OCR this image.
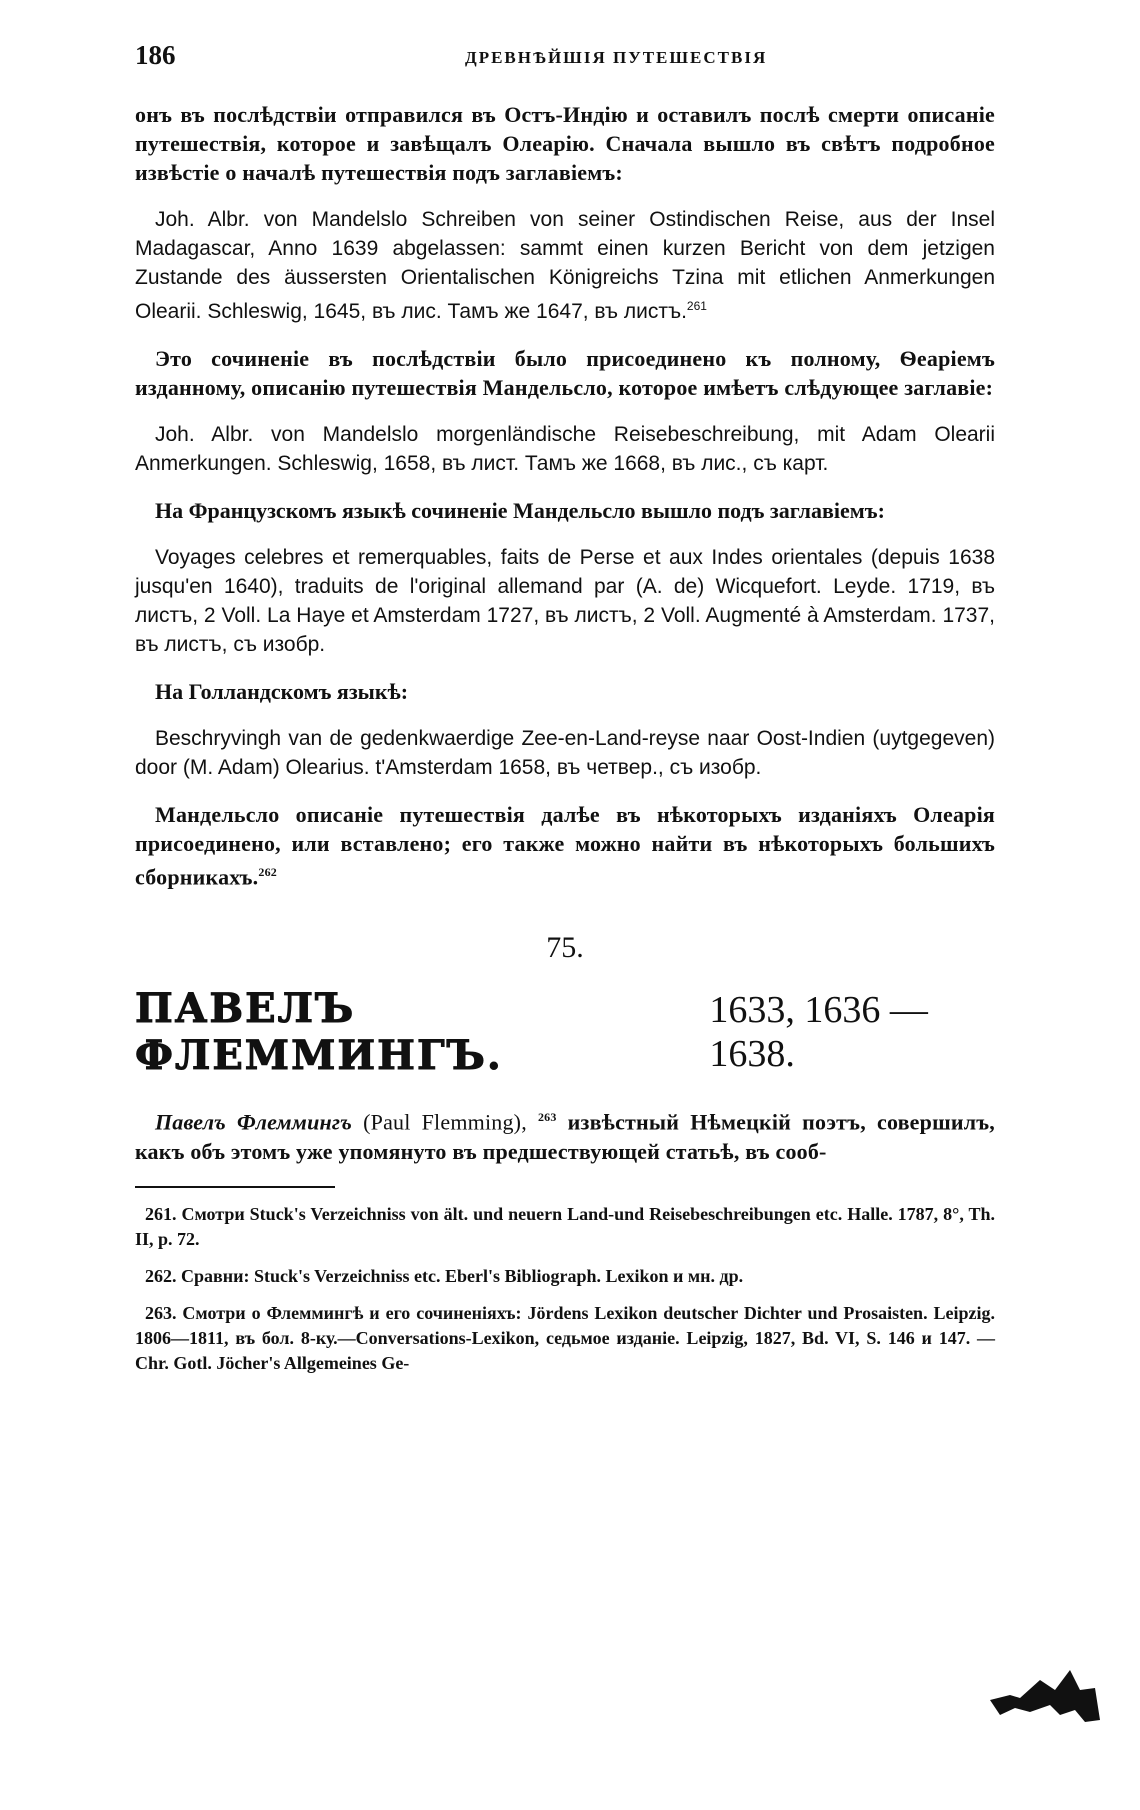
186	ДРЕВНѢЙШІЯ ПУТЕШЕСТВІЯ

онъ въ послѣдствіи отправился въ Остъ-Индію и оставилъ послѣ смерти описаніе путешествія, которое и завѣщалъ Олеарію. Сначала вышло въ свѣтъ подробное извѣстіе о началѣ путешествія подъ заглавіемъ:

Joh. Albr. von Mandelslo Schreiben von seiner Ostindischen Reise, aus der Insel Madagascar, Anno 1639 abgelassen: sammt einen kurzen Bericht von dem jetzigen Zustande des äussersten Orientalischen Königreichs Tzina mit etlichen Anmerkungen Olearii. Schleswig, 1645, въ лис. Тамъ же 1647, въ листъ.$^{261}$

Это сочиненіе въ послѣдствіи было присоединено къ полному, Ѳеаріемъ изданному, описанію путешествія Мандельсло, которое имѣетъ слѣдующее заглавіе:

Joh. Albr. von Mandelslo morgenländische Reisebeschreibung, mit Adam Olearii Anmerkungen. Schleswig, 1658, въ лист. Тамъ же 1668, въ лис., съ карт.

На Французскомъ языкѣ сочиненіе Мандельсло вышло подъ заглавіемъ:

Voyages celebres et remerquables, faits de Perse et aux Indes orientales (depuis 1638 jusqu'en 1640), traduits de l'original allemand par (A. de) Wicquefort. Leyde. 1719, въ листъ, 2 Voll. La Haye et Amsterdam 1727, въ листъ, 2 Voll. Augmenté à Amsterdam. 1737, въ листъ, съ изобр.

На Голландскомъ языкѣ:

Beschryvingh van de gedenkwaerdige Zee-en-Land-reyse naar Oost-Indien (uytgegeven) door (M. Adam) Olearius. t'Amsterdam 1658, въ четвер., съ изобр.

Мандельсло описаніе путешествія далѣе въ нѣкоторыхъ изданіяхъ Олеарія присоединено, или вставлено; его также можно найти въ нѣкоторыхъ большихъ сборникахъ.$^{262}$

75.
ПАВЕЛЪ ФЛЕММИНГЪ.
1633, 1636 — 1638.

Павелъ Флеммингъ (Paul Flemming), $^{263}$ извѣстный Нѣмецкій поэтъ, совершилъ, какъ объ этомъ уже упомянуто въ предшествующей статьѣ, въ сооб-

261. Смотри Stuck's Verzeichniss von ält. und neuern Land-und Reisebeschreibungen etc. Halle. 1787, 8°, Th. II, p. 72.

262. Сравни: Stuck's Verzeichniss etc. Eberl's Bibliograph. Lexikon и мн. др.

263. Смотри о Флеммингѣ и его сочиненіяхъ: Jördens Lexikon deutscher Dichter und Prosaisten. Leipzig. 1806—1811, въ бол. 8-ку.—Conversations-Lexikon, седьмое изданіе. Leipzig, 1827, Bd. VI, S. 146 и 147. — Chr. Gotl. Jöcher's Allgemeines Ge-
